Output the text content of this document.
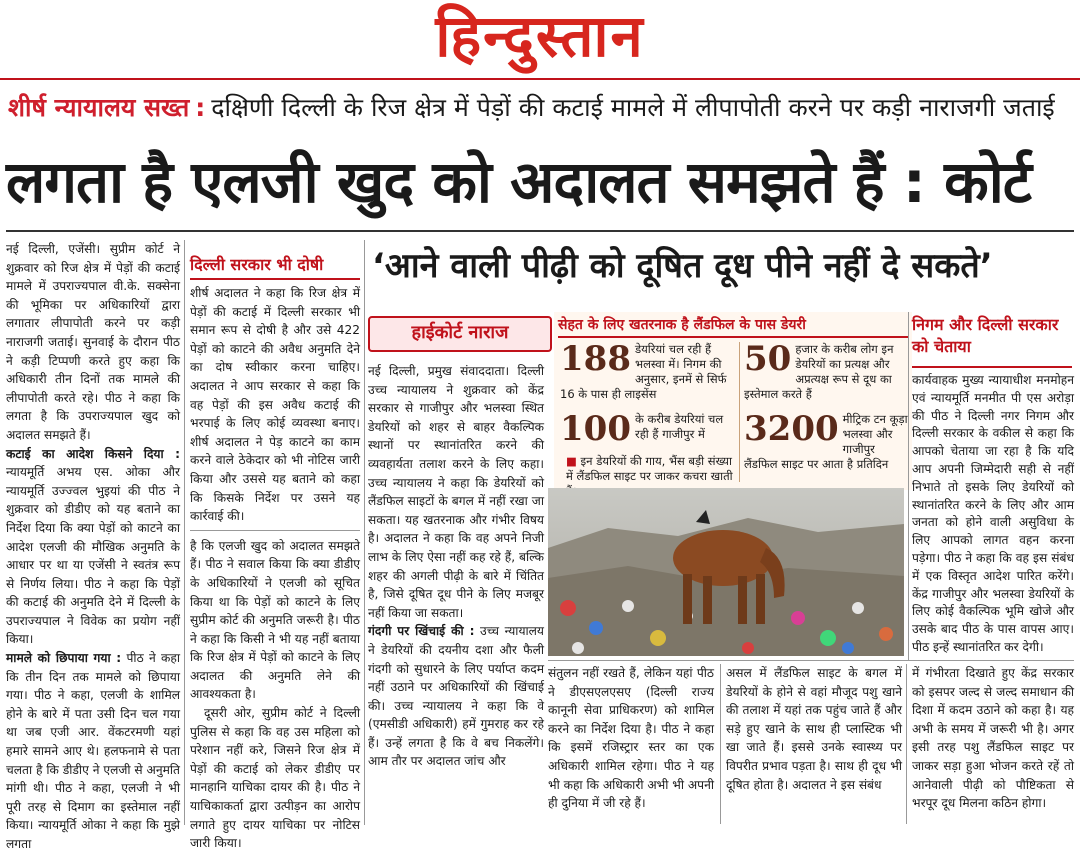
हिन्दुस्तान
शीर्ष न्यायालय सख्त : दक्षिणी दिल्ली के रिज क्षेत्र में पेड़ों की कटाई मामले में लीपापोती करने पर कड़ी नाराजगी जताई
लगता है एलजी खुद को अदालत समझते हैं : कोर्ट

नई दिल्ली, एजेंसी। सुप्रीम कोर्ट ने शुक्रवार को रिज क्षेत्र में पेड़ों की कटाई मामले में उपराज्यपाल वी.के. सक्सेना की भूमिका पर अधिकारियों द्वारा लगातार लीपापोती करने पर कड़ी नाराजगी जताई। सुनवाई के दौरान पीठ ने कड़ी टिप्पणी करते हुए कहा कि अधिकारी तीन दिनों तक मामले की लीपापोती करते रहे। पीठ ने कहा कि लगता है कि उपराज्यपाल खुद को अदालत समझते हैं।

कटाई का आदेश किसने दिया : न्यायमूर्ति अभय एस. ओका और न्यायमूर्ति उज्ज्वल भुइयां की पीठ ने शुक्रवार को डीडीए को यह बताने का निर्देश दिया कि क्या पेड़ों को काटने का आदेश एलजी की मौखिक अनुमति के आधार पर था या एजेंसी ने स्वतंत्र रूप से निर्णय लिया। पीठ ने कहा कि पेड़ों की कटाई की अनुमति देने में दिल्ली के उपराज्यपाल ने विवेक का प्रयोग नहीं किया।

मामले को छिपाया गया : पीठ ने कहा कि तीन दिन तक मामले को छिपाया गया। पीठ ने कहा, एलजी के शामिल होने के बारे में पता उसी दिन चल गया था जब एजी आर. वेंकटरमणी यहां हमारे सामने आए थे। हलफनामे से पता चलता है कि डीडीए ने एलजी से अनुमति मांगी थी। पीठ ने कहा, एलजी ने भी पूरी तरह से दिमाग का इस्तेमाल नहीं किया। न्यायमूर्ति ओका ने कहा कि मुझे लगता

दिल्ली सरकार भी दोषी

शीर्ष अदालत ने कहा कि रिज क्षेत्र में पेड़ों की कटाई में दिल्ली सरकार भी समान रूप से दोषी है और उसे 422 पेड़ों को काटने की अवैध अनुमति देने का दोष स्वीकार करना चाहिए। अदालत ने आप सरकार से कहा कि वह पेड़ों की इस अवैध कटाई की भरपाई के लिए कोई व्यवस्था बनाए। शीर्ष अदालत ने पेड़ काटने का काम करने वाले ठेकेदार को भी नोटिस जारी किया और उससे यह बताने को कहा कि किसके निर्देश पर उसने यह कार्रवाई की।

है कि एलजी खुद को अदालत समझते हैं। पीठ ने सवाल किया कि क्या डीडीए के अधिकारियों ने एलजी को सूचित किया था कि पेड़ों को काटने के लिए सुप्रीम कोर्ट की अनुमति जरूरी है। पीठ ने कहा कि किसी ने भी यह नहीं बताया कि रिज क्षेत्र में पेड़ों को काटने के लिए अदालत की अनुमति लेने की आवश्यकता है।

दूसरी ओर, सुप्रीम कोर्ट ने दिल्ली पुलिस से कहा कि वह उस महिला को परेशान नहीं करे, जिसने रिज क्षेत्र में पेड़ों की कटाई को लेकर डीडीए पर मानहानि याचिका दायर की है। पीठ ने याचिकाकर्ता द्वारा उत्पीड़न का आरोप लगाते हुए दायर याचिका पर नोटिस जारी किया।

‘आने वाली पीढ़ी को दूषित दूध पीने नहीं दे सकते’
हाईकोर्ट नाराज

नई दिल्ली, प्रमुख संवाददाता। दिल्ली उच्च न्यायालय ने शुक्रवार को केंद्र सरकार से गाजीपुर और भलस्वा स्थित डेयरियों को शहर से बाहर वैकल्पिक स्थानों पर स्थानांतरित करने की व्यवहार्यता तलाश करने के लिए कहा। उच्च न्यायालय ने कहा कि डेयरियों को लैंडफिल साइटों के बगल में नहीं रखा जा सकता। यह खतरनाक और गंभीर विषय है। अदालत ने कहा कि वह अपने निजी लाभ के लिए ऐसा नहीं कह रहे हैं, बल्कि शहर की अगली पीढ़ी के बारे में चिंतित है, जिसे दूषित दूध पीने के लिए मजबूर नहीं किया जा सकता।

गंदगी पर खिंचाई की : उच्च न्यायालय ने डेयरियों की दयनीय दशा और फैली गंदगी को सुधारने के लिए पर्याप्त कदम नहीं उठाने पर अधिकारियों की खिंचाई की। उच्च न्यायालय ने कहा कि वे (एमसीडी अधिकारी) हमें गुमराह कर रहे हैं। उन्हें लगता है कि वे बच निकलेंगे। आम तौर पर अदालत जांच और

सेहत के लिए खतरनाक है लैंडफिल के पास डेयरी
188 डेयरियां चल रही हैं भलस्वा में। निगम की अनुसार, इनमें से सिर्फ 16 के पास ही लाइसेंस
50 हजार के करीब लोग इन डेयरियों का प्रत्यक्ष और अप्रत्यक्ष रूप से दूध का इस्तेमाल करते हैं
100 के करीब डेयरियां चल रही हैं गाजीपुर में	3200 मीट्रिक टन कूड़ा भलस्वा और गाजीपुर लैंडफिल साइट पर आता है प्रतिदिन
■ इन डेयरियों की गाय, भैंस बड़ी संख्या में लैंडफिल साइट पर जाकर कचरा खाती
निगम और दिल्ली सरकार को चेताया
कार्यवाहक मुख्य न्यायाधीश मनमोहन एवं न्यायमूर्ति मनमीत पी एस अरोड़ा की पीठ ने दिल्ली नगर निगम और दिल्ली सरकार के वकील से कहा कि आपको चेताया जा रहा है कि यदि आप अपनी जिम्मेदारी सही से नहीं निभाते तो इसके लिए डेयरियों को स्थानांतरित करने के लिए और आम जनता को होने वाली असुविधा के लिए आपको लागत वहन करना पड़ेगा। पीठ ने कहा कि वह इस संबंध में एक विस्तृत आदेश पारित करेंगे। केंद्र गाजीपुर और भलस्वा डेयरियों के लिए कोई वैकल्पिक भूमि खोजे और उसके बाद पीठ के पास वापस आए। पीठ इन्हें स्थानांतरित कर देगी।
संतुलन नहीं रखते हैं, लेकिन यहां पीठ ने डीएसएलएसए (दिल्ली राज्य कानूनी सेवा प्राधिकरण) को शामिल करने का निर्देश दिया है। पीठ ने कहा कि इसमें रजिस्ट्रार स्तर का एक अधिकारी शामिल रहेगा। पीठ ने यह भी कहा कि अधिकारी अभी भी अपनी ही दुनिया में जी रहे हैं।
असल में लैंडफिल साइट के बगल में डेयरियों के होने से वहां मौजूद पशु खाने की तलाश में यहां तक पहुंच जाते हैं और सड़े हुए खाने के साथ ही प्लास्टिक भी खा जाते हैं। इससे उनके स्वास्थ्य पर विपरीत प्रभाव पड़ता है। साथ ही दूध भी दूषित होता है। अदालत ने इस संबंध
में गंभीरता दिखाते हुए केंद्र सरकार को इसपर जल्द से जल्द समाधान की दिशा में कदम उठाने को कहा है। यह अभी के समय में जरूरी भी है। अगर इसी तरह पशु लैंडफिल साइट पर जाकर सड़ा हुआ भोजन करते रहें तो आनेवाली पीढ़ी को पौष्टिकता से भरपूर दूध मिलना कठिन होगा।
